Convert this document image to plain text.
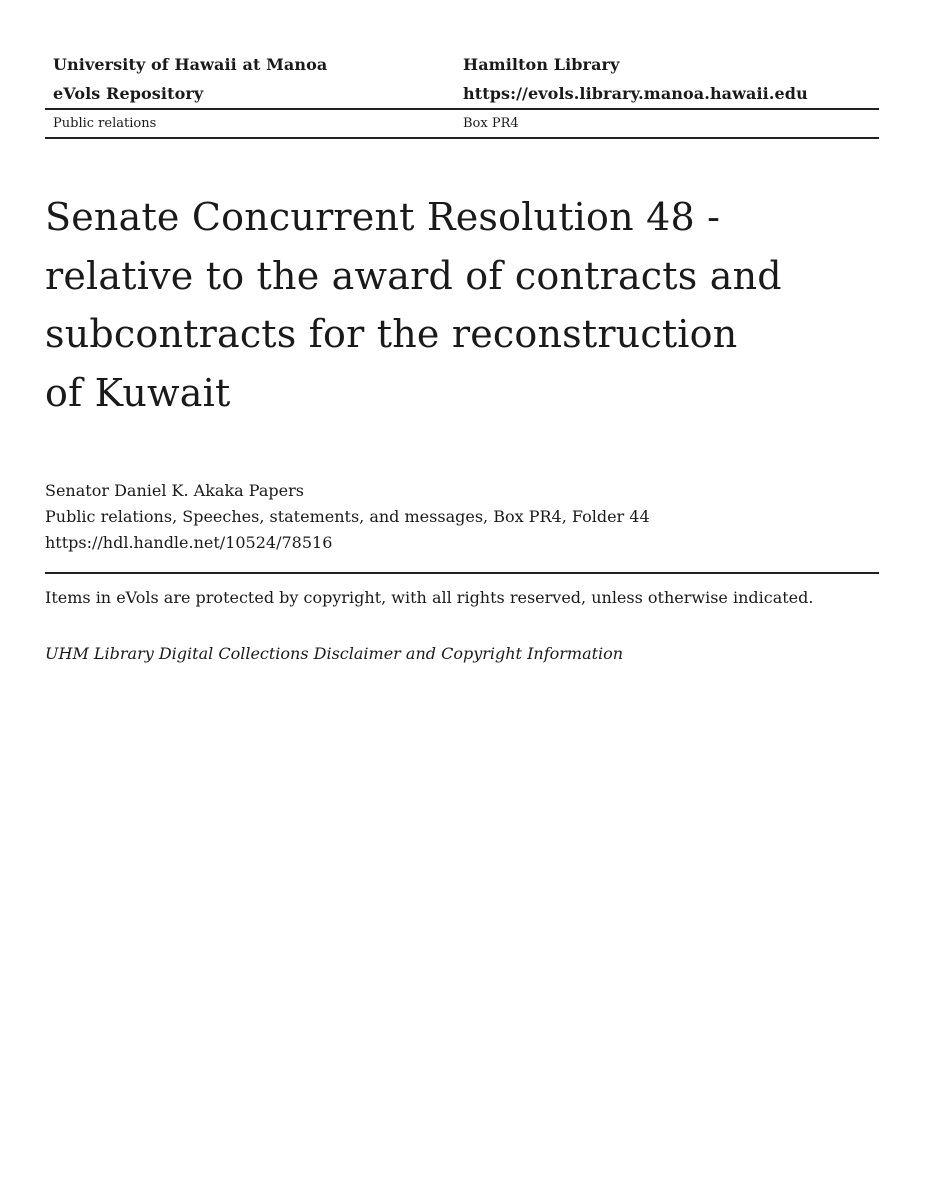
University of Hawaii at Manoa	Hamilton Library
eVols Repository	https://evols.library.manoa.hawaii.edu
Public relations	Box PR4
Senate Concurrent Resolution 48 -
relative to the award of contracts and
subcontracts for the reconstruction
of Kuwait
Senator Daniel K. Akaka Papers
Public relations, Speeches, statements, and messages, Box PR4, Folder 44
https://hdl.handle.net/10524/78516
Items in eVols are protected by copyright, with all rights reserved, unless otherwise indicated.
UHM Library Digital Collections Disclaimer and Copyright Information
